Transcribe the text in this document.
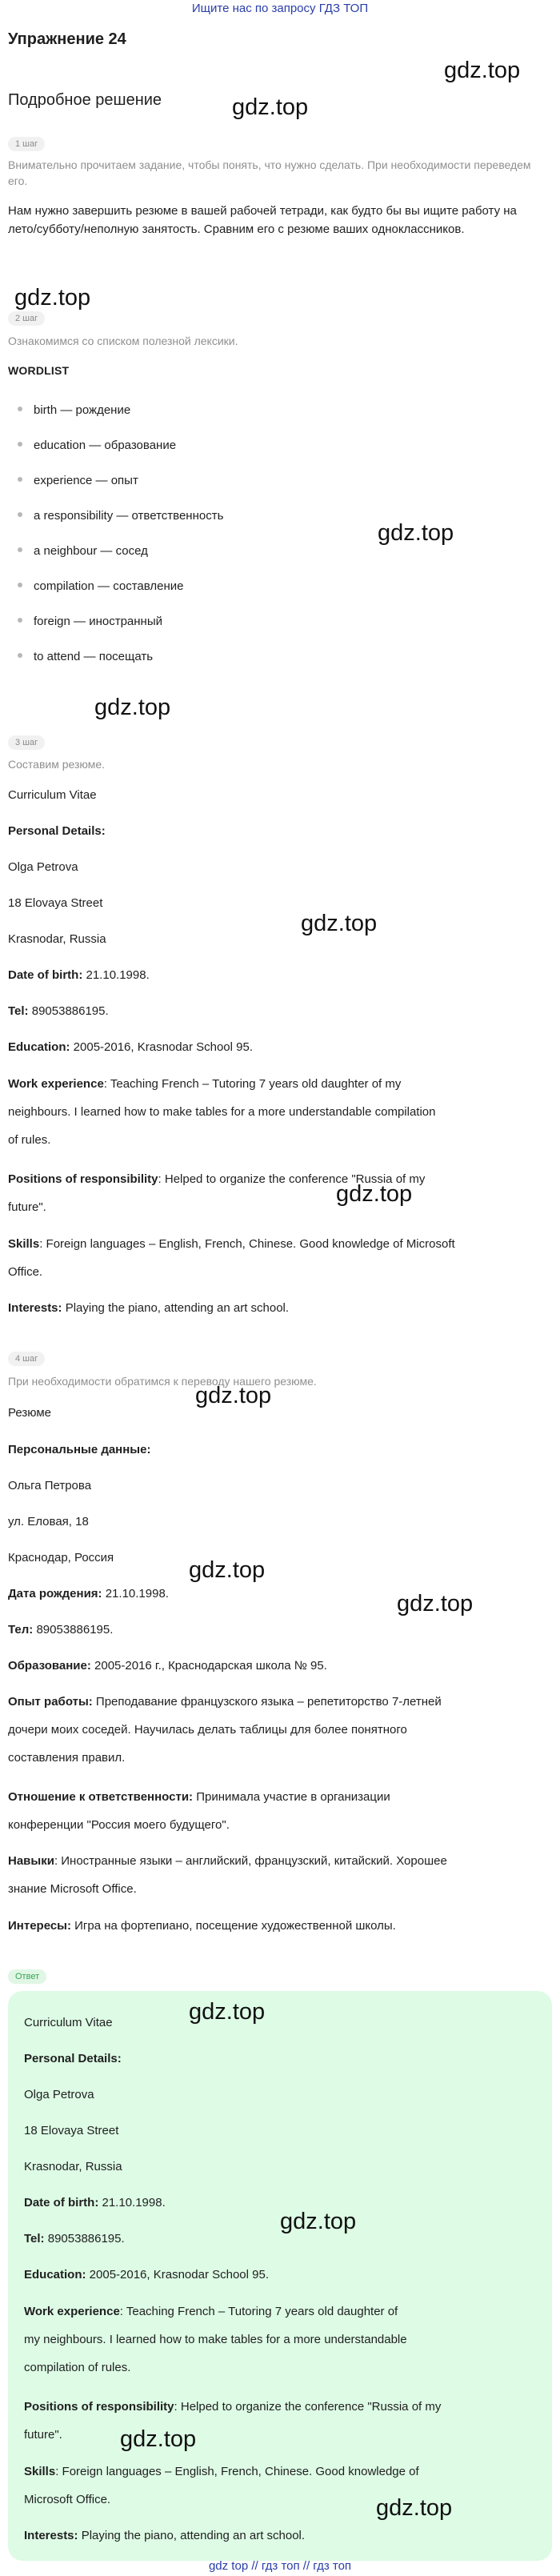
Ищите нас по запросу ГДЗ ТОП
Упражнение 24
Подробное решение
1 шаг
Внимательно прочитаем задание, чтобы понять, что нужно сделать. При необходимости переведем его.
Нам нужно завершить резюме в вашей рабочей тетради, как будто бы вы ищите работу на лето/субботу/неполную занятость. Сравним его с резюме ваших одноклассников.
2 шаг
Ознакомимся со списком полезной лексики.
WORDLIST
birth — рождение
education — образование
experience — опыт
a responsibility — ответственность
a neighbour — сосед
compilation — составление
foreign — иностранный
to attend — посещать
3 шаг
Составим резюме.
Curriculum Vitae
Personal Details:
Olga Petrova
18 Elovaya Street
Krasnodar, Russia
Date of birth: 21.10.1998.
Tel: 89053886195.
Education: 2005-2016, Krasnodar School 95.
Work experience: Teaching French – Tutoring 7 years old daughter of my
neighbours. I learned how to make tables for a more understandable compilation
of rules.
Positions of responsibility: Helped to organize the conference "Russia of my
future".
Skills: Foreign languages – English, French, Chinese. Good knowledge of Microsoft
Office.
Interests: Playing the piano, attending an art school.
4 шаг
При необходимости обратимся к переводу нашего резюме.
Резюме
Персональные данные:
Ольга Петрова
ул. Еловая, 18
Краснодар, Россия
Дата рождения: 21.10.1998.
Тел: 89053886195.
Образование: 2005-2016 г., Краснодарская школа № 95.
Опыт работы: Преподавание французского языка – репетиторство 7-летней
дочери моих соседей. Научилась делать таблицы для более понятного
составления правил.
Отношение к ответственности: Принимала участие в организации
конференции "Россия моего будущего".
Навыки: Иностранные языки – английский, французский, китайский. Хорошее
знание Microsoft Office.
Интересы: Игра на фортепиано, посещение художественной школы.
Ответ
Curriculum Vitae
Personal Details:
Olga Petrova
18 Elovaya Street
Krasnodar, Russia
Date of birth: 21.10.1998.
Tel: 89053886195.
Education: 2005-2016, Krasnodar School 95.
Work experience: Teaching French – Tutoring 7 years old daughter of
my neighbours. I learned how to make tables for a more understandable
compilation of rules.
Positions of responsibility: Helped to organize the conference "Russia of my
future".
Skills: Foreign languages – English, French, Chinese. Good knowledge of
Microsoft Office.
Interests: Playing the piano, attending an art school.
gdz.top
gdz.top
gdz.top
gdz.top
gdz.top
gdz.top
gdz.top
gdz.top
gdz.top
gdz.top
gdz.top
gdz.top
gdz.top
gdz.top
gdz top // гдз топ // гдз топ
